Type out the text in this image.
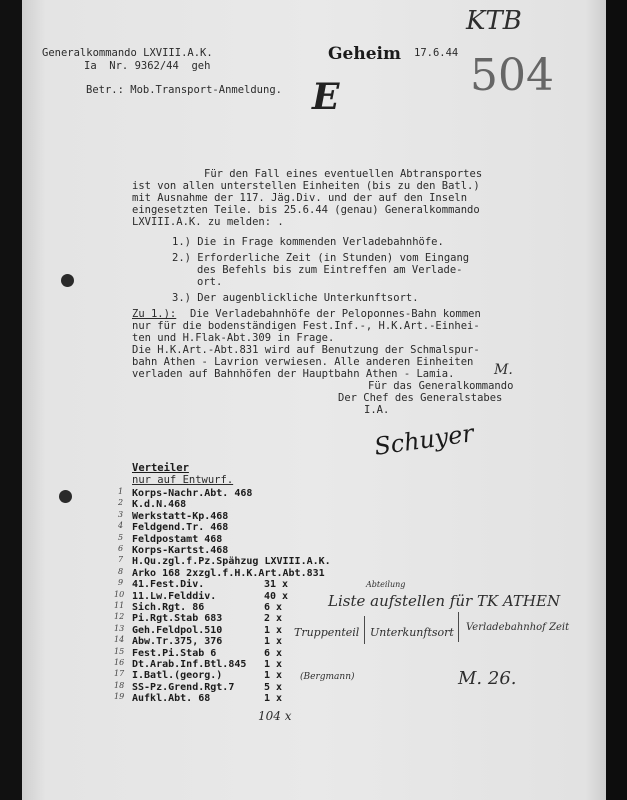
Generalkommando LXVIII.A.K.
Ia  Nr. 9362/44  geh
Geheim 17.6.44
KTB
504
E
Betr.: Mob.Transport-Anmeldung.
Für den Fall eines eventuellen Abtransportes
ist von allen unterstellen Einheiten (bis zu den Batl.)
mit Ausnahme der 117. Jäg.Div. und der auf den Inseln
eingesetzten Teile. bis 25.6.44 (genau) Generalkommando
LXVIII.A.K. zu melden: .
1.) Die in Frage kommenden Verladebahnhöfe.
2.) Erforderliche Zeit (in Stunden) vom Eingang
des Befehls bis zum Eintreffen am Verlade-
ort.
3.) Der augenblickliche Unterkunftsort.
Zu 1.): Die Verladebahnhöfe der Peloponnes-Bahn kommen
nur für die bodenständigen Fest.Inf.-, H.K.Art.-Einhei-
ten und H.Flak-Abt.309 in Frage.
Die H.K.Art.-Abt.831 wird auf Benutzung der Schmalspur-
bahn Athen - Lavrion verwiesen. Alle anderen Einheiten
verladen auf Bahnhöfen der Hauptbahn Athen - Lamia.	M.
Für das Generalkommando
Der Chef des Generalstabes
I.A.
Schuyer
Verteiler
nur auf Entwurf.
1 Korps-Nachr.Abt. 468
2 K.d.N.468
3 Werkstatt-Kp.468
4 Feldgend.Tr. 468
5 Feldpostamt 468
6 Korps-Kartst.468
7 H.Qu.zgl.f.Pz.Spähzug LXVIII.A.K.
8 Arko 168 2xzgl.f.H.K.Art.Abt.831
9 41.Fest.Div.	31 x
10 11.Lw.Felddiv.	40 x
11 Sich.Rgt. 86	6 x
12 Pi.Rgt.Stab 683	2 x
13 Geh.Feldpol.510	1 x
14 Abw.Tr.375, 376	1 x
15 Fest.Pi.Stab 6	6 x
16 Dt.Arab.Inf.Btl.845 1 x
17 I.Batl.(georg.)	1 x
18 SS-Pz.Grend.Rgt.7	5 x
19 Aufkl.Abt. 68	1 x
104 x
Abteilung
Liste aufstellen für TK ATHEN
Truppenteil Unterkunftsort Verladebahnhof Zeit
(Bergmann)	M. 26.
